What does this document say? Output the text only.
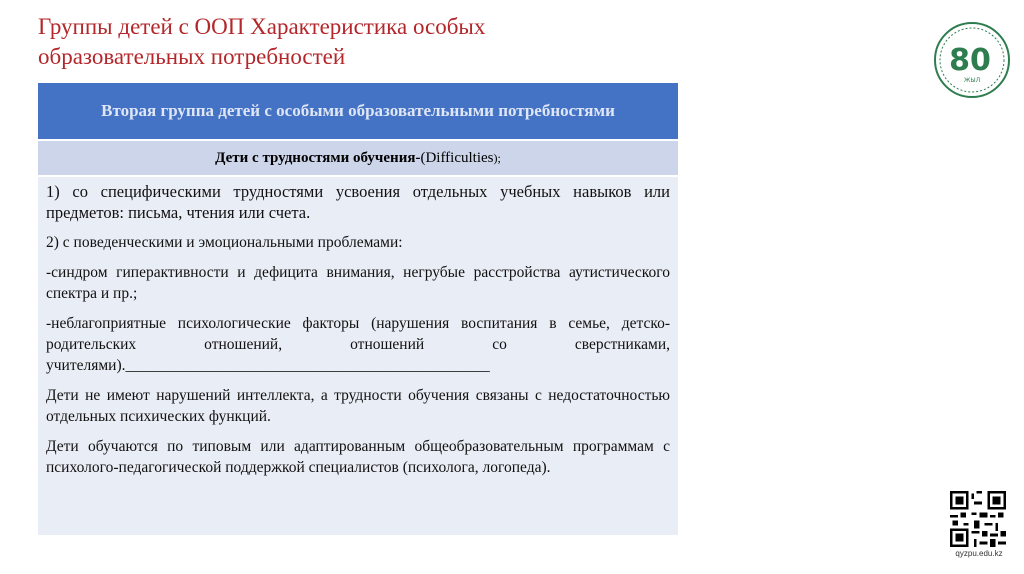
Группы детей с ООП Характеристика особых образовательных потребностей	80
ЖЫЛ
Вторая группа детей с особыми образовательными потребностями
Дети с трудностями обучения- (Difficulties );

1) со специфическими трудностями усвоения отдельных учебных навыков или предметов: письма, чтения или счета.

2) с поведенческими и эмоциональными проблемами:

-синдром гиперактивности и дефицита внимания, негрубые расстройства аутистического спектра и пр.;

-неблагоприятные психологические факторы (нарушения воспитания в семье, детско-родительских отношений, отношений со сверстниками, учителями)._______________________________________________

Дети не имеют нарушений интеллекта, а трудности обучения связаны с недостаточностью отдельных психических функций.

Дети обучаются по типовым или адаптированным общеобразовательным программам с психолого-педагогической поддержкой специалистов (психолога, логопеда).

qyzpu.edu.kz
